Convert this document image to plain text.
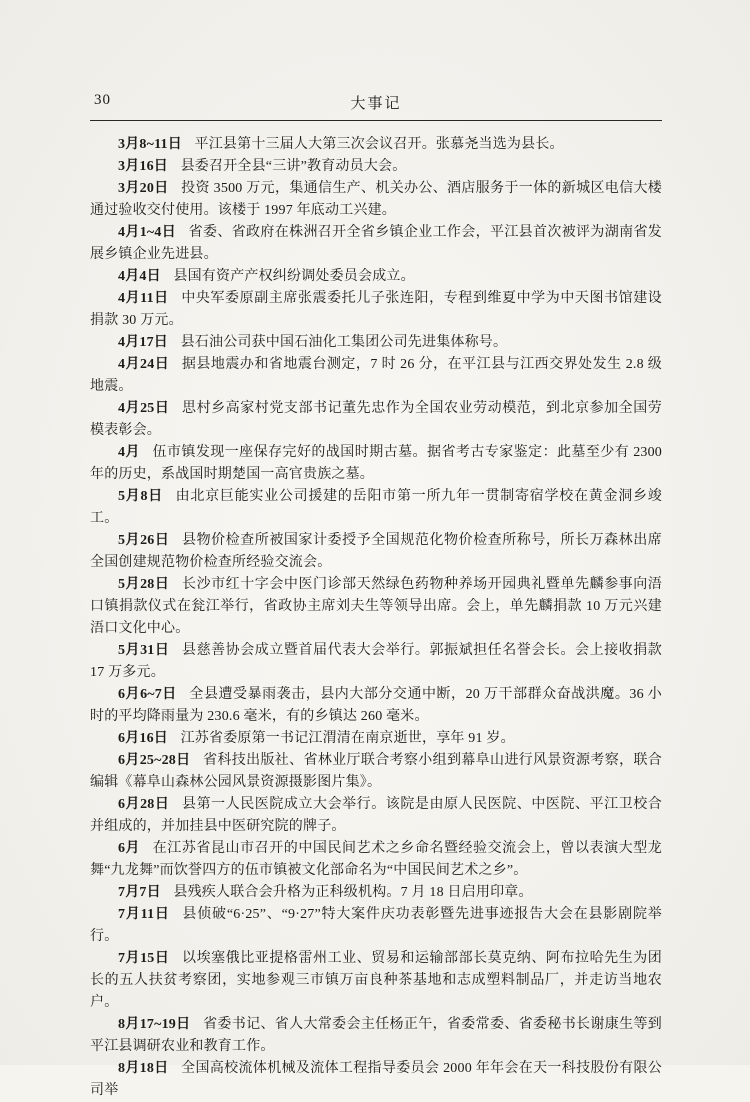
30	大事记

3月8~11日 平江县第十三届人大第三次会议召开。张慕尧当选为县长。

3月16日 县委召开全县“三讲”教育动员大会。

3月20日 投资 3500 万元，集通信生产、机关办公、酒店服务于一体的新城区电信大楼通过验收交付使用。该楼于 1997 年底动工兴建。

4月1~4日 省委、省政府在株洲召开全省乡镇企业工作会，平江县首次被评为湖南省发展乡镇企业先进县。

4月4日 县国有资产产权纠纷调处委员会成立。

4月11日 中央军委原副主席张震委托儿子张连阳，专程到维夏中学为中天图书馆建设捐款 30 万元。

4月17日 县石油公司获中国石油化工集团公司先进集体称号。

4月24日 据县地震办和省地震台测定，7 时 26 分，在平江县与江西交界处发生 2.8 级地震。

4月25日 思村乡高家村党支部书记董先忠作为全国农业劳动模范，到北京参加全国劳模表彰会。

4月 伍市镇发现一座保存完好的战国时期古墓。据省考古专家鉴定：此墓至少有 2300 年的历史，系战国时期楚国一高官贵族之墓。

5月8日 由北京巨能实业公司援建的岳阳市第一所九年一贯制寄宿学校在黄金洞乡竣工。

5月26日 县物价检查所被国家计委授予全国规范化物价检查所称号，所长万森林出席全国创建规范物价检查所经验交流会。

5月28日 长沙市红十字会中医门诊部天然绿色药物种养场开园典礼暨单先麟参事向浯口镇捐款仪式在瓮江举行，省政协主席刘夫生等领导出席。会上，单先麟捐款 10 万元兴建浯口文化中心。

5月31日 县慈善协会成立暨首届代表大会举行。郭振斌担任名誉会长。会上接收捐款 17 万多元。

6月6~7日 全县遭受暴雨袭击，县内大部分交通中断，20 万干部群众奋战洪魔。36 小时的平均降雨量为 230.6 毫米，有的乡镇达 260 毫米。

6月16日 江苏省委原第一书记江渭清在南京逝世，享年 91 岁。

6月25~28日 省科技出版社、省林业厅联合考察小组到幕阜山进行风景资源考察，联合编辑《幕阜山森林公园风景资源摄影图片集》。

6月28日 县第一人民医院成立大会举行。该院是由原人民医院、中医院、平江卫校合并组成的，并加挂县中医研究院的牌子。

6月 在江苏省昆山市召开的中国民间艺术之乡命名暨经验交流会上，曾以表演大型龙舞“九龙舞”而饮誉四方的伍市镇被文化部命名为“中国民间艺术之乡”。

7月7日 县残疾人联合会升格为正科级机构。7 月 18 日启用印章。

7月11日 县侦破“6·25”、“9·27”特大案件庆功表彰暨先进事迹报告大会在县影剧院举行。

7月15日 以埃塞俄比亚提格雷州工业、贸易和运输部部长莫克纳、阿布拉哈先生为团长的五人扶贫考察团，实地参观三市镇万亩良种茶基地和志成塑料制品厂，并走访当地农户。

8月17~19日 省委书记、省人大常委会主任杨正午，省委常委、省委秘书长谢康生等到平江县调研农业和教育工作。

8月18日 全国高校流体机械及流体工程指导委员会 2000 年年会在天一科技股份有限公司举
